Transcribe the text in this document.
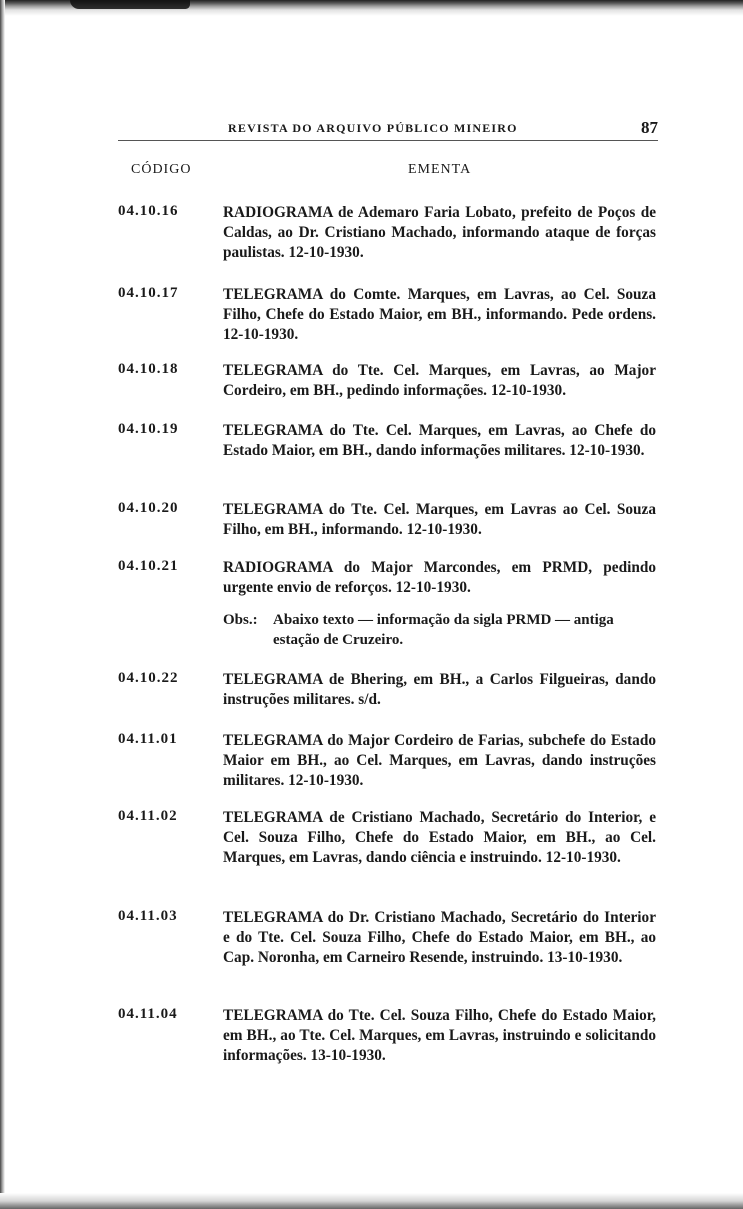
REVISTA DO ARQUIVO PÚBLICO MINEIRO	87
CÓDIGO	EMENTA
04.10.16	RADIOGRAMA de Ademaro Faria Lobato, prefeito de Poços de Caldas, ao Dr. Cristiano Machado, informando ataque de forças paulistas. 12-10-1930.
04.10.17	TELEGRAMA do Comte. Marques, em Lavras, ao Cel. Souza Filho, Chefe do Estado Maior, em BH., informando. Pede ordens. 12-10-1930.
04.10.18	TELEGRAMA do Tte. Cel. Marques, em Lavras, ao Major Cordeiro, em BH., pedindo informações. 12-10-1930.
04.10.19	TELEGRAMA do Tte. Cel. Marques, em Lavras, ao Chefe do Estado Maior, em BH., dando informações militares. 12-10-1930.
04.10.20	TELEGRAMA do Tte. Cel. Marques, em Lavras ao Cel. Souza Filho, em BH., informando. 12-10-1930.
04.10.21	RADIOGRAMA do Major Marcondes, em PRMD, pedindo urgente envio de reforços. 12-10-1930.
Obs.: Abaixo texto — informação da sigla PRMD — antiga estação de Cruzeiro.
04.10.22	TELEGRAMA de Bhering, em BH., a Carlos Filgueiras, dando instruções militares. s/d.
04.11.01	TELEGRAMA do Major Cordeiro de Farias, subchefe do Estado Maior em BH., ao Cel. Marques, em Lavras, dando instruções militares. 12-10-1930.
04.11.02	TELEGRAMA de Cristiano Machado, Secretário do Interior, e Cel. Souza Filho, Chefe do Estado Maior, em BH., ao Cel. Marques, em Lavras, dando ciência e instruindo. 12-10-1930.
04.11.03	TELEGRAMA do Dr. Cristiano Machado, Secretário do Interior e do Tte. Cel. Souza Filho, Chefe do Estado Maior, em BH., ao Cap. Noronha, em Carneiro Resende, instruindo. 13-10-1930.
04.11.04	TELEGRAMA do Tte. Cel. Souza Filho, Chefe do Estado Maior, em BH., ao Tte. Cel. Marques, em Lavras, instruindo e solicitando informações. 13-10-1930.
